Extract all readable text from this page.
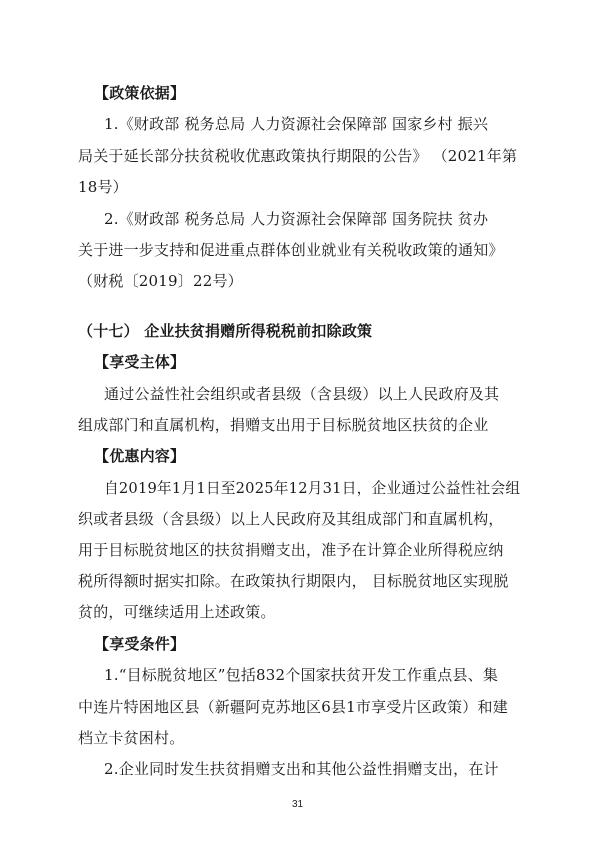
【政策依据】
1.《财政部 税务总局 人力资源社会保障部 国家乡村 振兴
局关于延长部分扶贫税收优惠政策执行期限的公告》 （2021年第
18号）
2.《财政部 税务总局 人力资源社会保障部 国务院扶 贫办
关于进一步支持和促进重点群体创业就业有关税收政策的通知》
（财税〔2019〕22号）
（十七） 企业扶贫捐赠所得税税前扣除政策
【享受主体】
通过公益性社会组织或者县级（含县级）以上人民政府及其
组成部门和直属机构，捐赠支出用于目标脱贫地区扶贫的企业
【优惠内容】
自2019年1月1日至2025年12月31日，企业通过公益性社会组
织或者县级（含县级）以上人民政府及其组成部门和直属机构，
用于目标脱贫地区的扶贫捐赠支出，准予在计算企业所得税应纳
税所得额时据实扣除。在政策执行期限内， 目标脱贫地区实现脱
贫的，可继续适用上述政策。
【享受条件】
1.“目标脱贫地区”包括832个国家扶贫开发工作重点县、集
中连片特困地区县（新疆阿克苏地区6县1市享受片区政策）和建
档立卡贫困村。
2.企业同时发生扶贫捐赠支出和其他公益性捐赠支出，在计
31
